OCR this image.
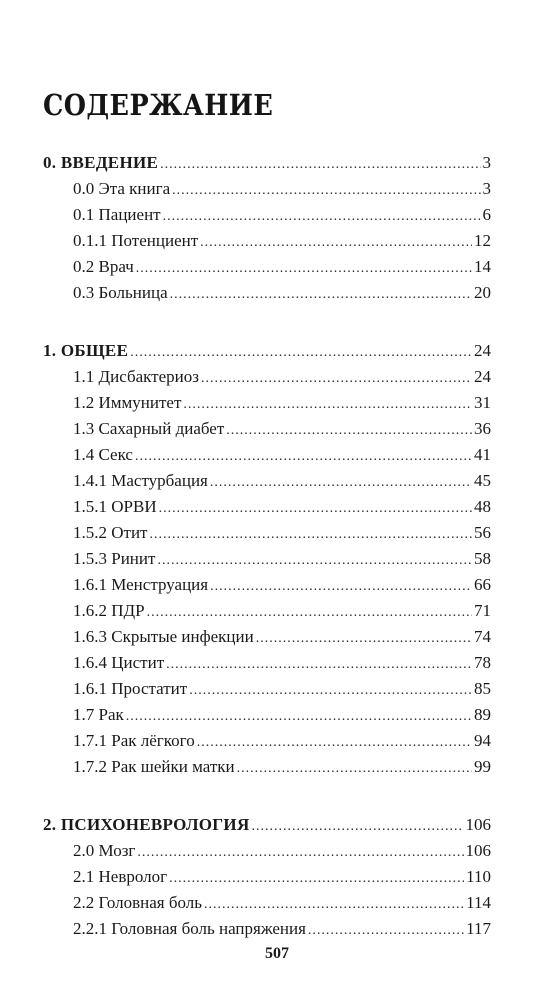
СОДЕРЖАНИЕ
0. ВВЕДЕНИЕ .....	3
0.0 Эта книга .....	3
0.1 Пациент .....	6
0.1.1 Потенциент .....	12
0.2 Врач .....	14
0.3 Больница .....	20
1. ОБЩЕЕ .....	24
1.1 Дисбактериоз .....	24
1.2 Иммунитет .....	31
1.3 Сахарный диабет .....	36
1.4 Секс .....	41
1.4.1 Мастурбация .....	45
1.5.1 ОРВИ .....	48
1.5.2 Отит .....	56
1.5.3 Ринит .....	58
1.6.1 Менструация .....	66
1.6.2 ПДР .....	71
1.6.3 Скрытые инфекции .....	74
1.6.4 Цистит .....	78
1.6.1 Простатит .....	85
1.7 Рак .....	89
1.7.1 Рак лёгкого .....	94
1.7.2 Рак шейки матки .....	99
2. ПСИХОНЕВРОЛОГИЯ .....	106
2.0 Мозг .....	106
2.1 Невролог .....	110
2.2 Головная боль .....	114
2.2.1 Головная боль напряжения .....	117
507
